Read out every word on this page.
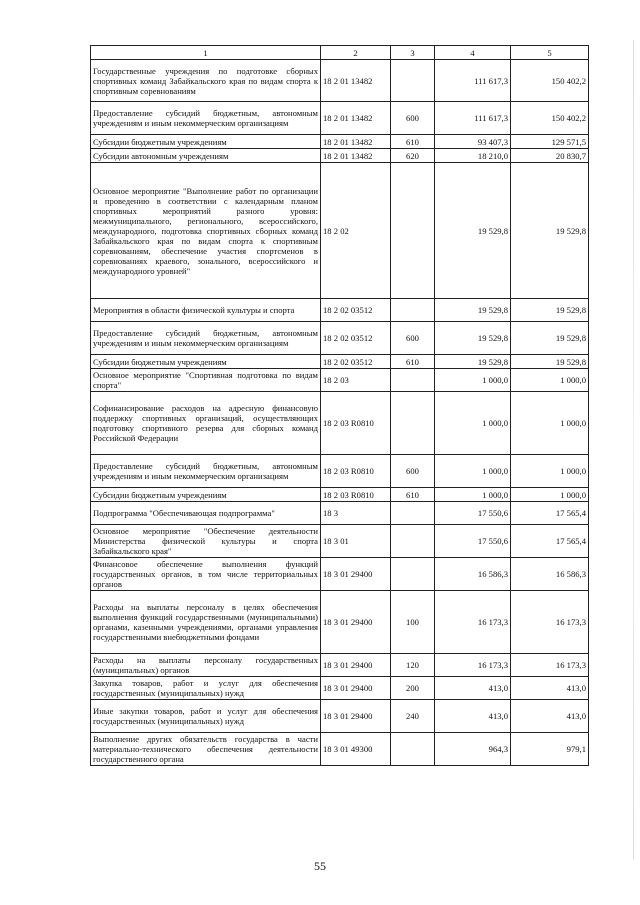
1	2	3	4	5
Государственные учреждения по подготовке сборных спортивных команд Забайкальского края по видам спорта к спортивным соревнованиям	18 2 01 13482		111 617,3	150 402,2
Предоставление субсидий бюджетным, автономным учреждениям и иным некоммерческим организациям	18 2 01 13482	600	111 617,3	150 402,2
Субсидии бюджетным учреждениям	18 2 01 13482	610	93 407,3	129 571,5
Субсидии автономным учреждениям	18 2 01 13482	620	18 210,0	20 830,7
Основное мероприятие "Выполнение работ по организации и проведению в соответствии с календарным планом спортивных мероприятий разного уровня: межмуниципального, регионального, всероссийского, международного, подготовка спортивных сборных команд Забайкальского края по видам спорта к спортивным соревнованиям, обеспечение участия спортсменов в соревнованиях краевого, зонального, всероссийского и международного уровней"	18 2 02		19 529,8	19 529,8
Мероприятия в области физической культуры и спорта	18 2 02 03512		19 529,8	19 529,8
Предоставление субсидий бюджетным, автономным учреждениям и иным некоммерческим организациям	18 2 02 03512	600	19 529,8	19 529,8
Субсидии бюджетным учреждениям	18 2 02 03512	610	19 529,8	19 529,8
Основное мероприятие "Спортивная подготовка по видам спорта"	18 2 03		1 000,0	1 000,0
Софинансирование расходов на адресную финансовую поддержку спортивных организаций, осуществляющих подготовку спортивного резерва для сборных команд Российской Федерации	18 2 03 R0810		1 000,0	1 000,0
Предоставление субсидий бюджетным, автономным учреждениям и иным некоммерческим организациям	18 2 03 R0810	600	1 000,0	1 000,0
Субсидии бюджетным учреждениям	18 2 03 R0810	610	1 000,0	1 000,0
Подпрограмма "Обеспечивающая подпрограмма"	18 3		17 550,6	17 565,4
Основное мероприятие "Обеспечение деятельности Министерства физической культуры и спорта Забайкальского края"	18 3 01		17 550,6	17 565,4
Финансовое обеспечение выполнения функций государственных органов, в том числе территориальных органов	18 3 01 29400		16 586,3	16 586,3
Расходы на выплаты персоналу в целях обеспечения выполнения функций государственными (муниципальными) органами, казенными учреждениями, органами управления государственными внебюджетными фондами	18 3 01 29400	100	16 173,3	16 173,3
Расходы на выплаты персоналу государственных (муниципальных) органов	18 3 01 29400	120	16 173,3	16 173,3
Закупка товаров, работ и услуг для обеспечения государственных (муниципальных) нужд	18 3 01 29400	200	413,0	413,0
Иные закупки товаров, работ и услуг для обеспечения государственных (муниципальных) нужд	18 3 01 29400	240	413,0	413,0
Выполнение других обязательств государства в части материально-технического обеспечения деятельности государственного органа	18 3 01 49300		964,3	979,1
55
